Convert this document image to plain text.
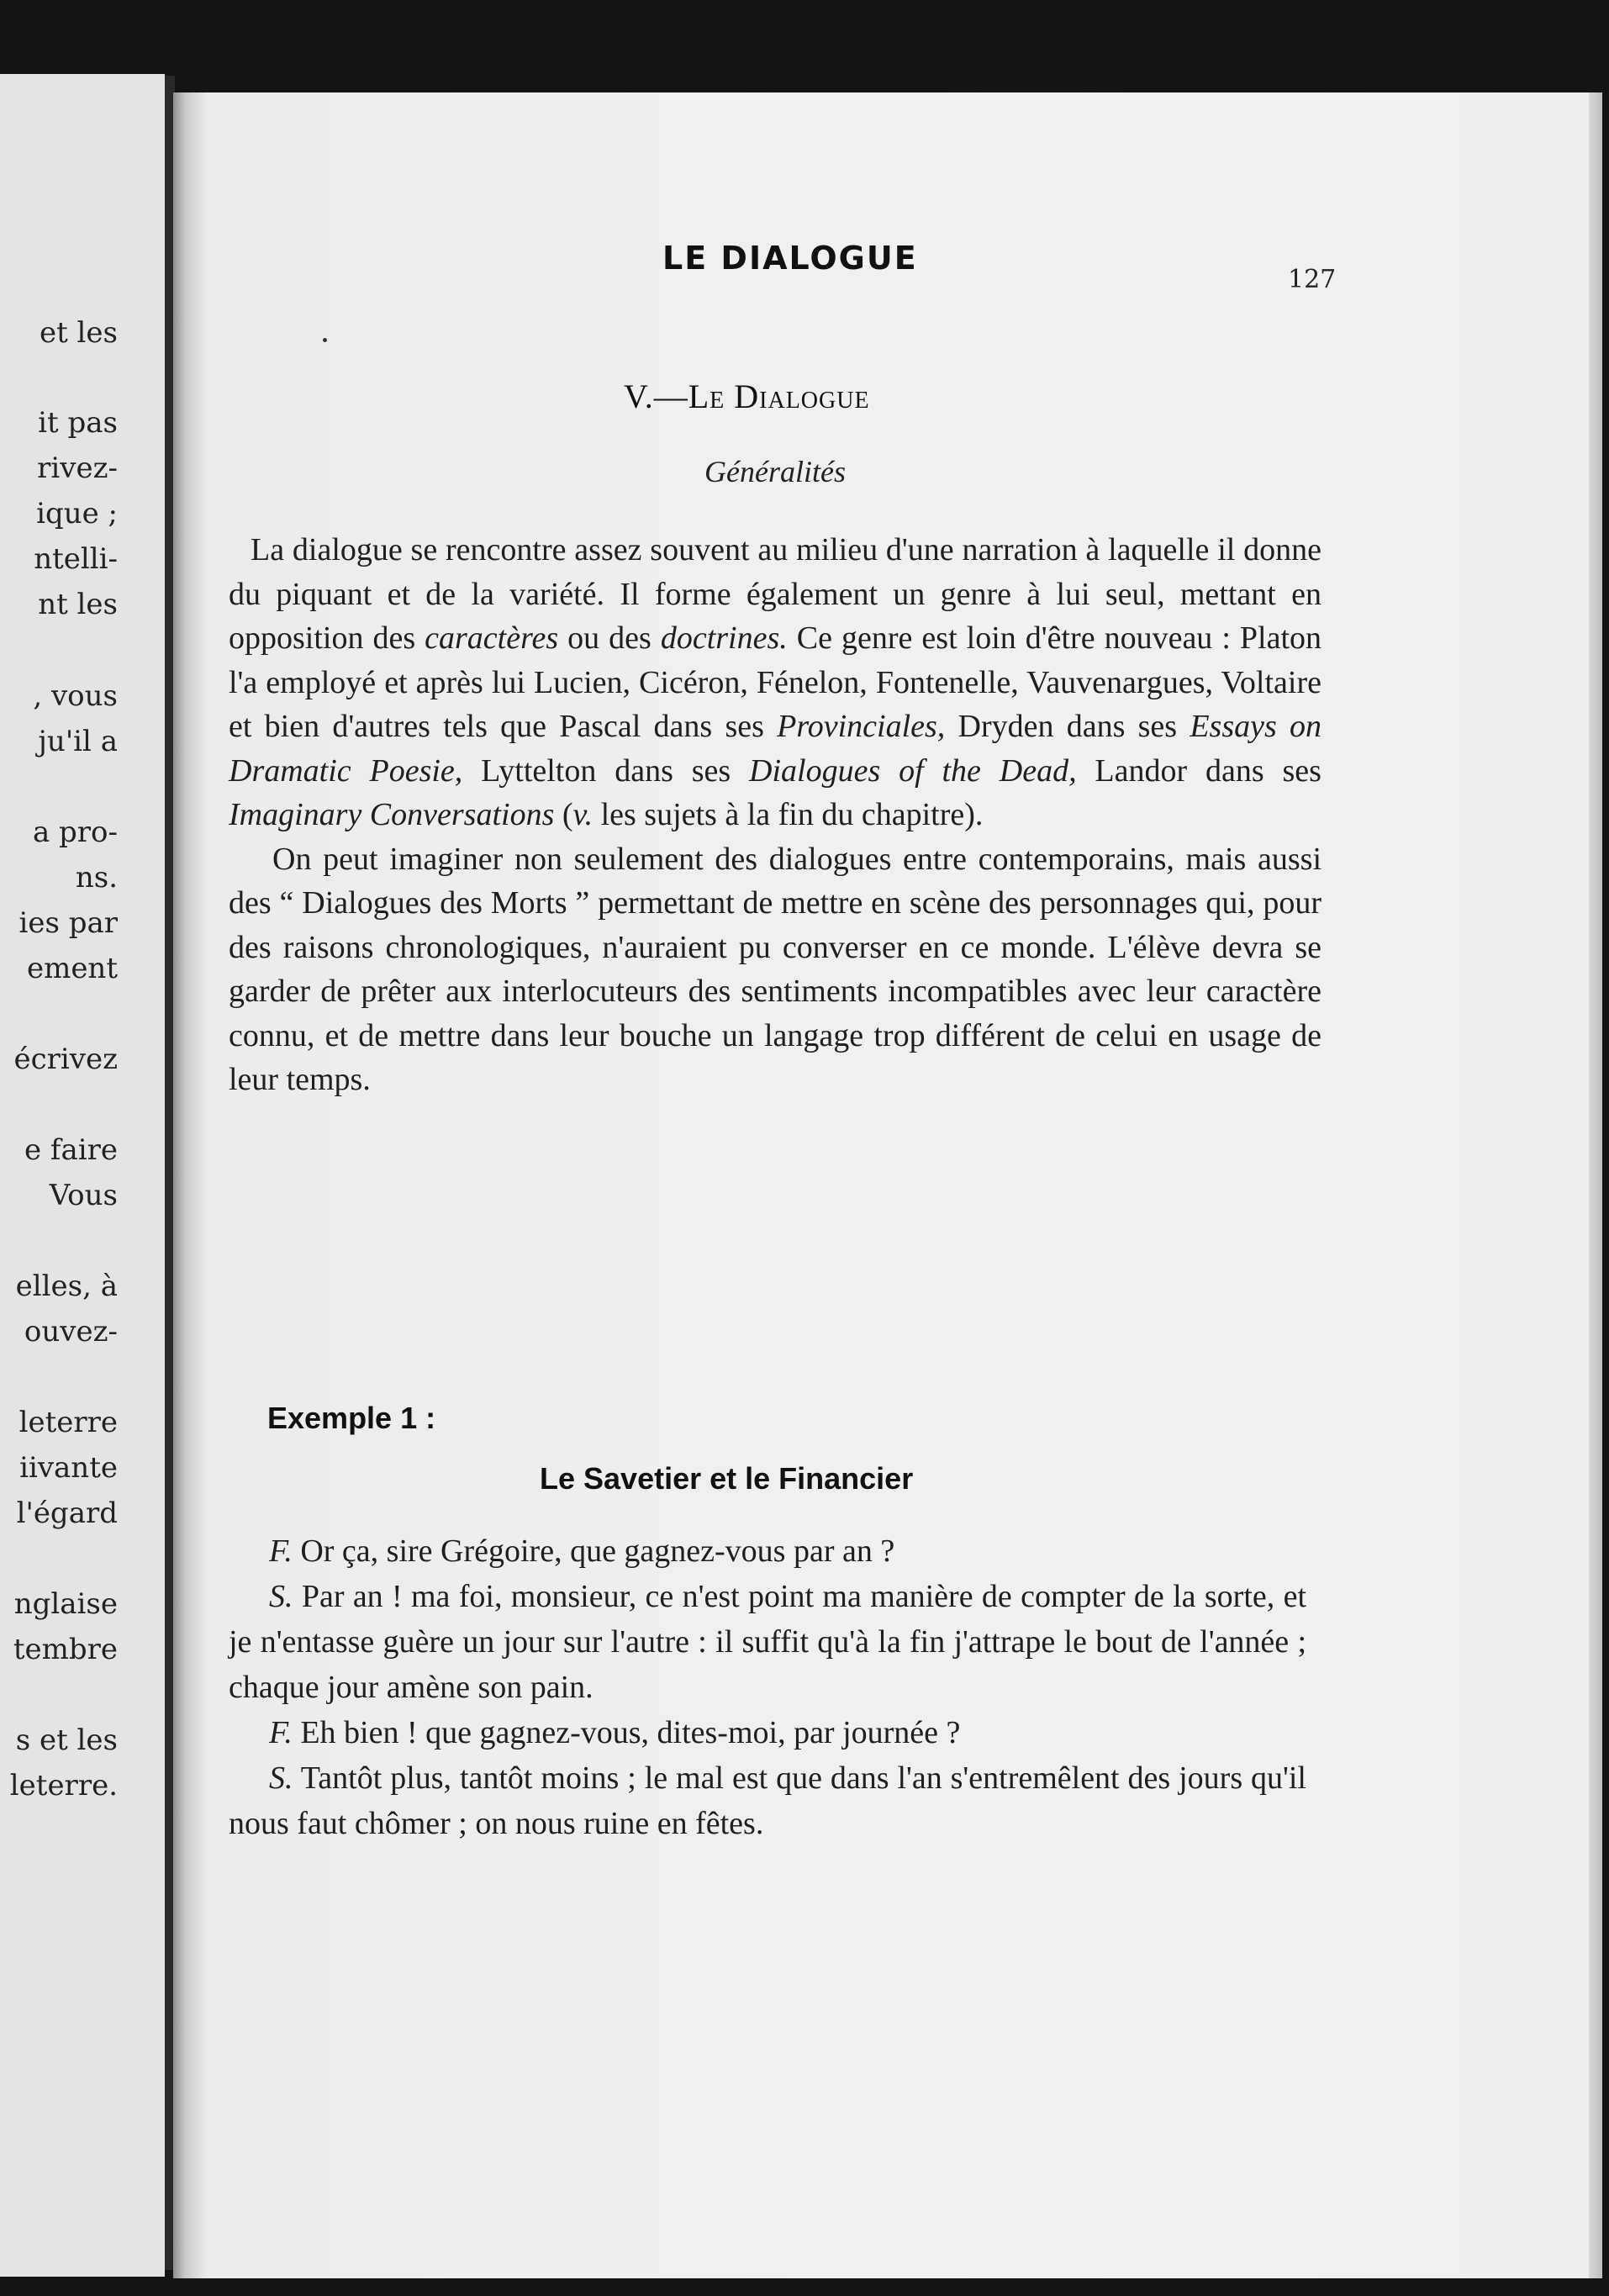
et les
it pas
rivez-
ique ;
ntelli-
nt les
, vous
ju'il a
a pro-
ns.
ies par
ement
écrivez
e faire
Vous
elles, à
ouvez-
leterre
iivante
l'égard
nglaise
tembre
s et les
leterre.
LE DIALOGUE
127
V.—Le Dialogue
Généralités

La dialogue se rencontre assez souvent au milieu d'une narration à laquelle il donne du piquant et de la variété. Il forme également un genre à lui seul, mettant en opposition des caractères ou des doctrines. Ce genre est loin d'être nouveau : Platon l'a employé et après lui Lucien, Cicéron, Fénelon, Fontenelle, Vauvenargues, Voltaire et bien d'autres tels que Pascal dans ses Provinciales, Dryden dans ses Essays on Dramatic Poesie, Lyttelton dans ses Dialogues of the Dead, Landor dans ses Imaginary Conversations (v. les sujets à la fin du chapitre).

On peut imaginer non seulement des dialogues entre contemporains, mais aussi des “ Dialogues des Morts ” permettant de mettre en scène des personnages qui, pour des raisons chronologiques, n'auraient pu converser en ce monde. L'élève devra se garder de prêter aux interlocuteurs des sentiments incompatibles avec leur caractère connu, et de mettre dans leur bouche un langage trop différent de celui en usage de leur temps.

Exemple 1 :
Le Savetier et le Financier

F. Or ça, sire Grégoire, que gagnez-vous par an ?

S. Par an ! ma foi, monsieur, ce n'est point ma manière de compter de la sorte, et je n'entasse guère un jour sur l'autre : il suffit qu'à la fin j'attrape le bout de l'année ; chaque jour amène son pain.

F. Eh bien ! que gagnez-vous, dites-moi, par journée ?

S. Tantôt plus, tantôt moins ; le mal est que dans l'an s'entremêlent des jours qu'il nous faut chômer ; on nous ruine en fêtes.
